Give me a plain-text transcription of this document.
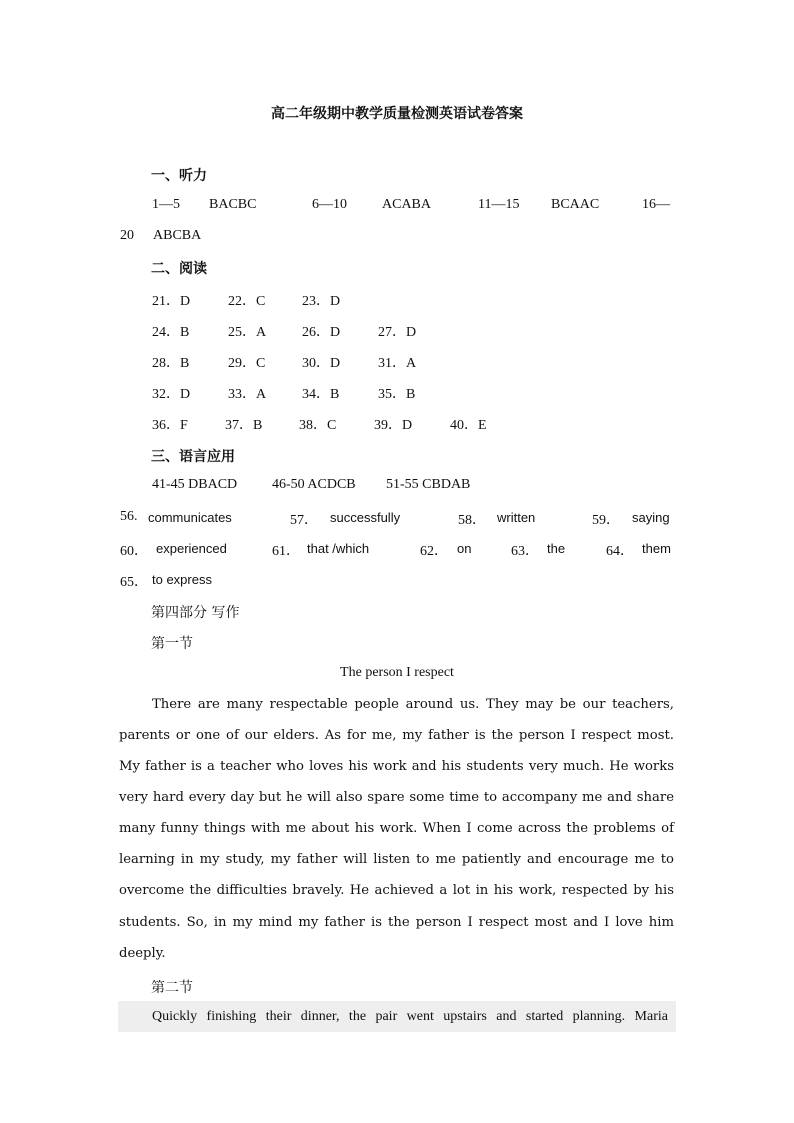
高二年级期中教学质量检测英语试卷答案
一、听力
1—5 BACBC	6—10	ACABA	11—15 BCAAC	16—
20 ABCBA
二、阅读
21．D	22．C	23．D
24．B	25．A	26．D	27．D
28．B	29．C	30．D	31．A
32．D	33．A	34．B	35．B
36．F	37．B	38．C	39．D	40．E
三、语言应用
41-45 DBACD 46-50 ACDCB 51-55 CBDAB
56. communicates	57． successfully	58． written	59． saying
60． experienced	61． that /which	62． on	63． the	64． them
65． to express
第四部分 写作
第一节
The person I respect
There are many respectable people around us. They may be our teachers,
parents or one of our elders. As for me, my father is the person I respect most.
My father is a teacher who loves his work and his students very much. He works
very hard every day but he will also spare some time to accompany me and share
many funny things with me about his work. When I come across the problems of
learning in my study, my father will listen to me patiently and encourage me to
overcome the difficulties bravely. He achieved a lot in his work, respected by his
students. So, in my mind my father is the person I respect most and I love him
deeply.
第二节
Quickly finishing their dinner, the pair went upstairs and started planning. Maria
